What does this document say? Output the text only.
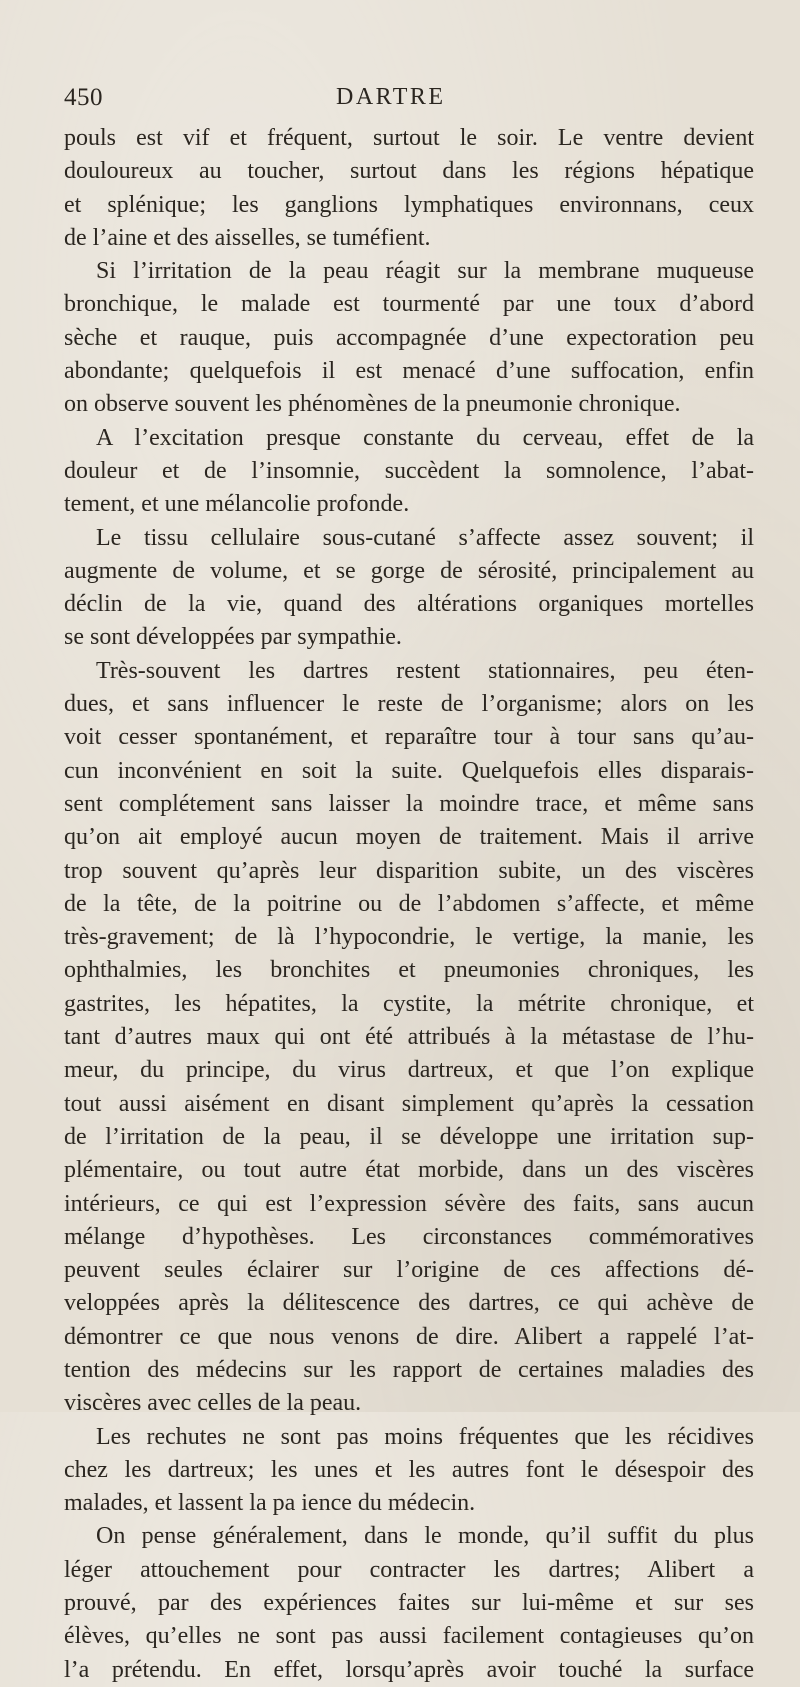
450	DARTRE
pouls est vif et fréquent, surtout le soir. Le ventre devient
douloureux au toucher, surtout dans les régions hépatique
et splénique; les ganglions lymphatiques environnans, ceux
de l’aine et des aisselles, se tuméfient.
Si l’irritation de la peau réagit sur la membrane muqueuse
bronchique, le malade est tourmenté par une toux d’abord
sèche et rauque, puis accompagnée d’une expectoration peu
abondante; quelquefois il est menacé d’une suffocation, enfin
on observe souvent les phénomènes de la pneumonie chronique.
A l’excitation presque constante du cerveau, effet de la
douleur et de l’insomnie, succèdent la somnolence, l’abat-
tement, et une mélancolie profonde.
Le tissu cellulaire sous-cutané s’affecte assez souvent; il
augmente de volume, et se gorge de sérosité, principalement au
déclin de la vie, quand des altérations organiques mortelles
se sont développées par sympathie.
Très-souvent les dartres restent stationnaires, peu éten-
dues, et sans influencer le reste de l’organisme; alors on les
voit cesser spontanément, et reparaître tour à tour sans qu’au-
cun inconvénient en soit la suite. Quelquefois elles disparais-
sent complétement sans laisser la moindre trace, et même sans
qu’on ait employé aucun moyen de traitement. Mais il arrive
trop souvent qu’après leur disparition subite, un des viscères
de la tête, de la poitrine ou de l’abdomen s’affecte, et même
très-gravement; de là l’hypocondrie, le vertige, la manie, les
ophthalmies, les bronchites et pneumonies chroniques, les
gastrites, les hépatites, la cystite, la métrite chronique, et
tant d’autres maux qui ont été attribués à la métastase de l’hu-
meur, du principe, du virus dartreux, et que l’on explique
tout aussi aisément en disant simplement qu’après la cessation
de l’irritation de la peau, il se développe une irritation sup-
plémentaire, ou tout autre état morbide, dans un des viscères
intérieurs, ce qui est l’expression sévère des faits, sans aucun
mélange d’hypothèses. Les circonstances commémoratives
peuvent seules éclairer sur l’origine de ces affections dé-
veloppées après la délitescence des dartres, ce qui achève de
démontrer ce que nous venons de dire. Alibert a rappelé l’at-
tention des médecins sur les rapport de certaines maladies des
viscères avec celles de la peau.
Les rechutes ne sont pas moins fréquentes que les récidives
chez les dartreux; les unes et les autres font le désespoir des
malades, et lassent la pa ience du médecin.
On pense généralement, dans le monde, qu’il suffit du plus
léger attouchement pour contracter les dartres; Alibert a
prouvé, par des expériences faites sur lui-même et sur ses
élèves, qu’elles ne sont pas aussi facilement contagieuses qu’on
l’a prétendu. En effet, lorsqu’après avoir touché la surface
